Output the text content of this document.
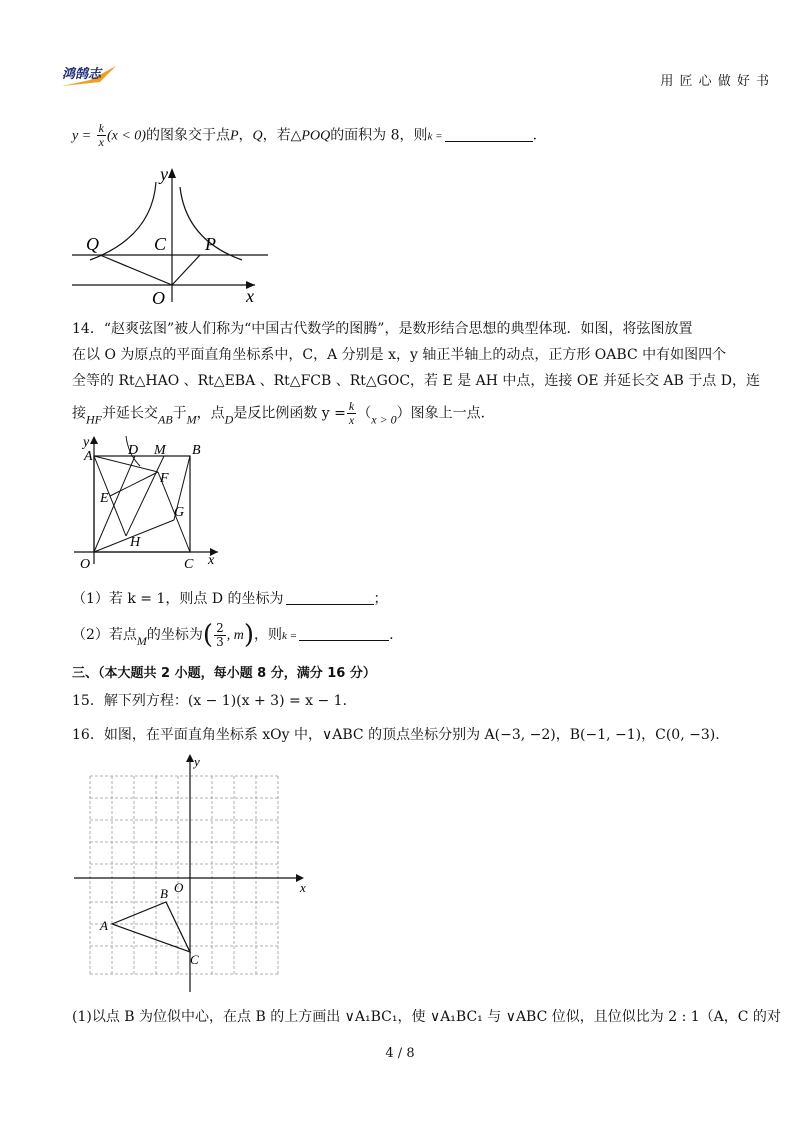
鸿鹄志
用 匠 心 做 好 书
$y = \frac{k}{x} (x < 0)$的图象交于点P，Q，若△POQ的面积为 8，则k =	.
y
x
Q	C P
O
14．“赵爽弦图”被人们称为“中国古代数学的图腾”，是数形结合思想的典型体现．如图，将弦图放置
在以 O 为原点的平面直角坐标系中，C，A 分别是 x，y 轴正半轴上的动点，正方形 OABC 中有如图四个
全等的 Rt△HAO 、Rt△EBA 、Rt△FCB 、Rt△GOC，若 E 是 AH 中点，连接 OE 并延长交 AB 于点 D，连
接HF并延长交AB于M，点D是反比例函数 $y = \frac{k}{x} (x > 0)$图象上一点．
y
A	D M B
F
E
G
H
O	C x
（1）若 k = 1，则点 D 的坐标为	；
（2）若点M的坐标为( $\frac{2}{3}$ , m)，则k =	.
三、（本大题共 2 小题，每小题 8 分，满分 16 分）
15．解下列方程：(x − 1)(x + 3) = x − 1．
16．如图，在平面直角坐标系 xOy 中，∨ABC 的顶点坐标分别为 A(−3, −2)，B(−1, −1)，C(0, −3).
y
x
O
A
B
C
(1)以点 B 为位似中心，在点 B 的上方画出 ∨A₁BC₁，使 ∨A₁BC₁ 与 ∨ABC 位似，且位似比为 2 : 1（A，C 的对
4 / 8
